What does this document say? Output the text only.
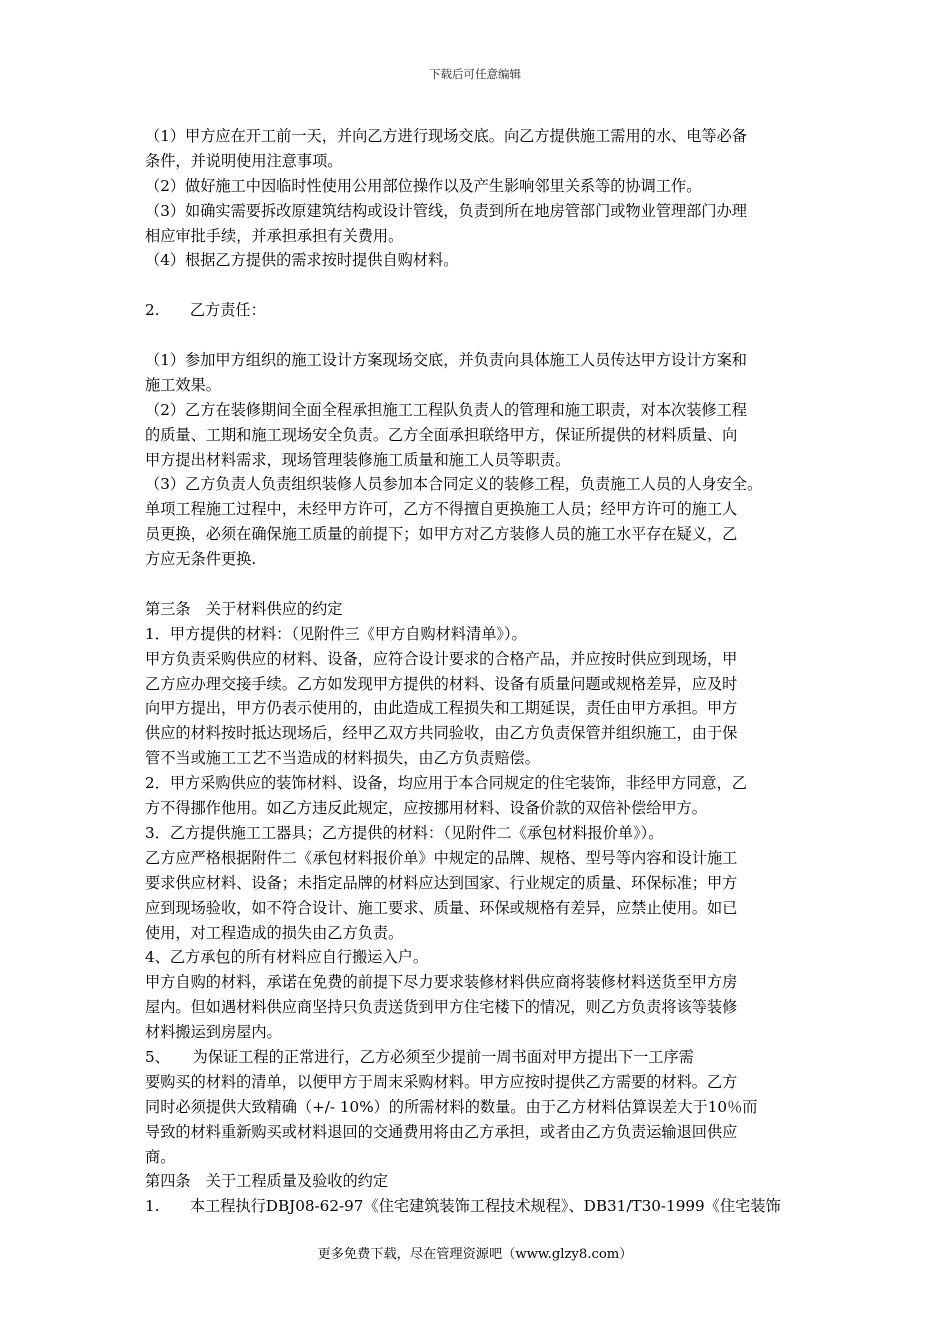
下载后可任意编辑
（1）甲方应在开工前一天，并向乙方进行现场交底。向乙方提供施工需用的水、电等必备
条件，并说明使用注意事项。
（2）做好施工中因临时性使用公用部位操作以及产生影响邻里关系等的协调工作。
（3）如确实需要拆改原建筑结构或设计管线，负责到所在地房管部门或物业管理部门办理
相应审批手续，并承担承担有关费用。
（4）根据乙方提供的需求按时提供自购材料。
2.　　乙方责任：
（1）参加甲方组织的施工设计方案现场交底，并负责向具体施工人员传达甲方设计方案和
施工效果。
（2）乙方在装修期间全面全程承担施工工程队负责人的管理和施工职责，对本次装修工程
的质量、工期和施工现场安全负责。乙方全面承担联络甲方，保证所提供的材料质量、向
甲方提出材料需求，现场管理装修施工质量和施工人员等职责。
（3）乙方负责人负责组织装修人员参加本合同定义的装修工程，负责施工人员的人身安全。
单项工程施工过程中，未经甲方许可，乙方不得擅自更换施工人员；经甲方许可的施工人
员更换，必须在确保施工质量的前提下；如甲方对乙方装修人员的施工水平存在疑义，乙
方应无条件更换.
第三条　关于材料供应的约定
1．甲方提供的材料：（见附件三《甲方自购材料清单》）。
甲方负责采购供应的材料、设备，应符合设计要求的合格产品，并应按时供应到现场，甲
乙方应办理交接手续。乙方如发现甲方提供的材料、设备有质量问题或规格差异，应及时
向甲方提出，甲方仍表示使用的，由此造成工程损失和工期延误，责任由甲方承担。甲方
供应的材料按时抵达现场后，经甲乙双方共同验收，由乙方负责保管并组织施工，由于保
管不当或施工工艺不当造成的材料损失，由乙方负责赔偿。
2．甲方采购供应的装饰材料、设备，均应用于本合同规定的住宅装饰，非经甲方同意，乙
方不得挪作他用。如乙方违反此规定，应按挪用材料、设备价款的双倍补偿给甲方。
3．乙方提供施工工器具；乙方提供的材料：（见附件二《承包材料报价单》）。
乙方应严格根据附件二《承包材料报价单》中规定的品牌、规格、型号等内容和设计施工
要求供应材料、设备；未指定品牌的材料应达到国家、行业规定的质量、环保标准；甲方
应到现场验收，如不符合设计、施工要求、质量、环保或规格有差异，应禁止使用。如已
使用，对工程造成的损失由乙方负责。
4、乙方承包的所有材料应自行搬运入户。
甲方自购的材料，承诺在免费的前提下尽力要求装修材料供应商将装修材料送货至甲方房
屋内。但如遇材料供应商坚持只负责送货到甲方住宅楼下的情况，则乙方负责将该等装修
材料搬运到房屋内。
5、　　为保证工程的正常进行，乙方必须至少提前一周书面对甲方提出下一工序需
要购买的材料的清单，以便甲方于周末采购材料。甲方应按时提供乙方需要的材料。乙方
同时必须提供大致精确（+/- 10%）的所需材料的数量。由于乙方材料估算误差大于10％而
导致的材料重新购买或材料退回的交通费用将由乙方承担，或者由乙方负责运输退回供应
商。
第四条　关于工程质量及验收的约定
1.　　本工程执行DBJ08-62-97《住宅建筑装饰工程技术规程》、DB31/T30-1999《住宅装饰
更多免费下载，尽在管理资源吧（www.glzy8.com）
